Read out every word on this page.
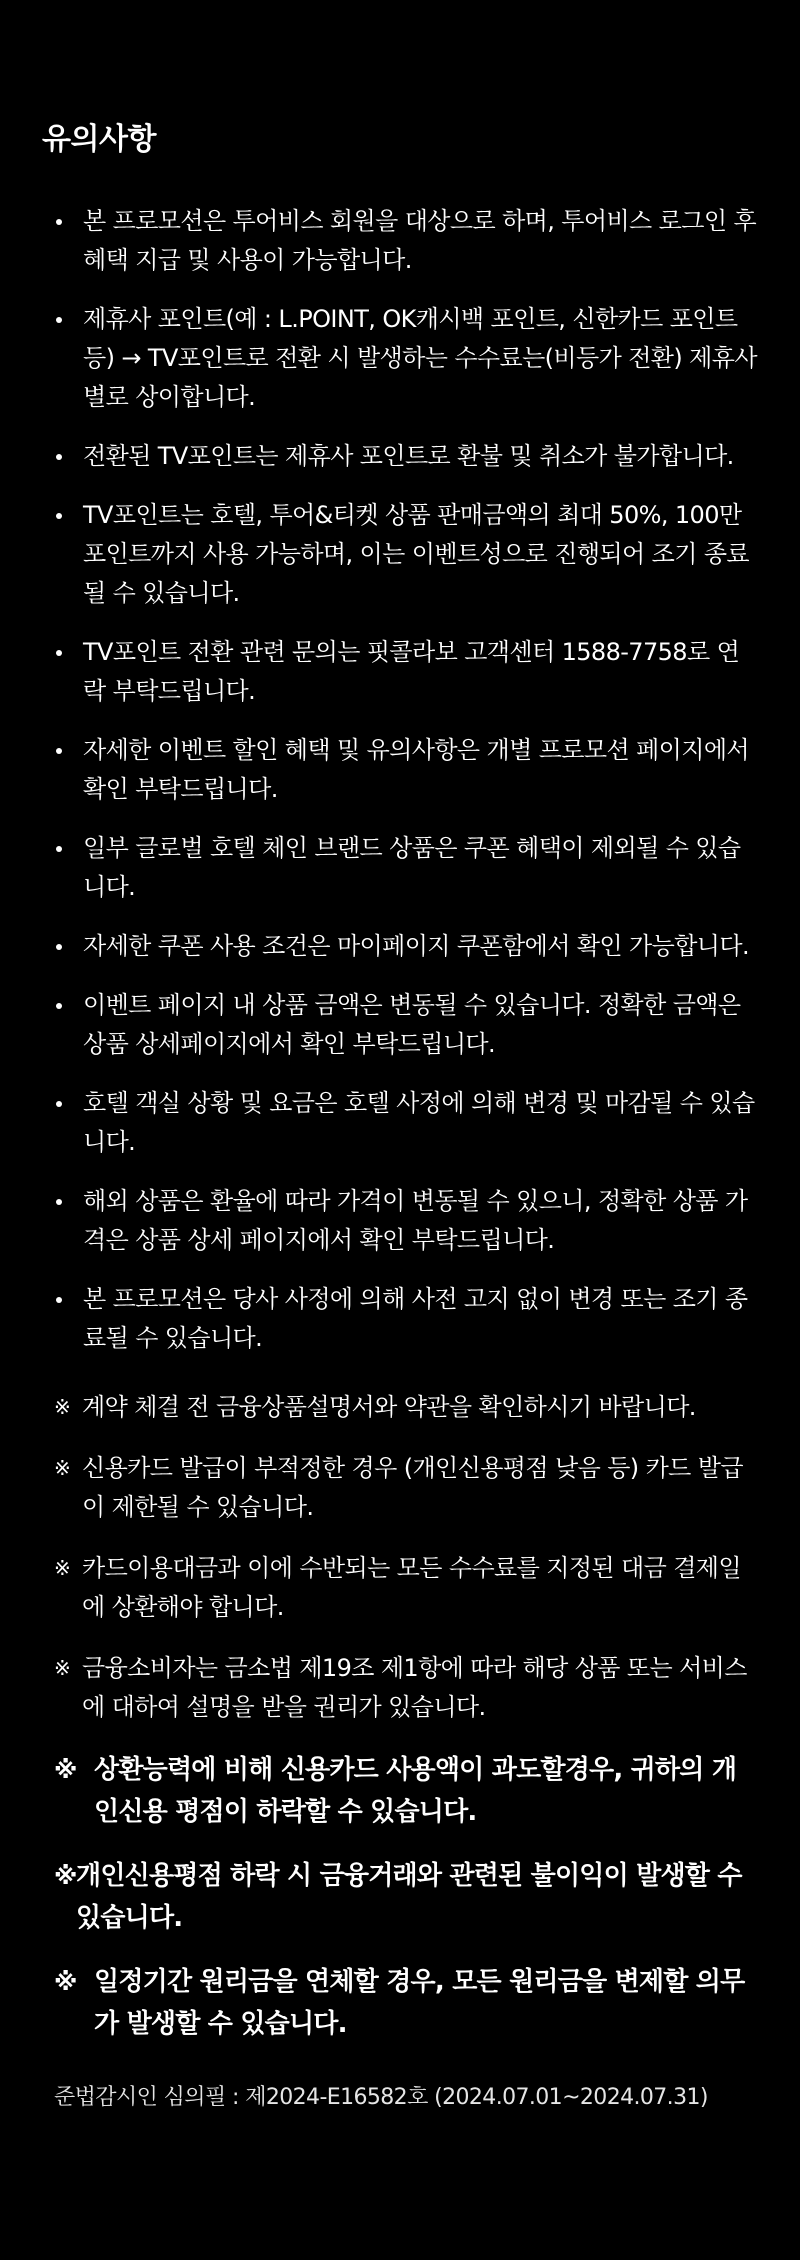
유의사항
본 프로모션은 투어비스 회원을 대상으로 하며, 투어비스 로그인 후 혜택 지급 및 사용이 가능합니다.
제휴사 포인트(예 : L.POINT, OK캐시백 포인트, 신한카드 포인트 등) → TV포인트로 전환 시 발생하는 수수료는(비등가 전환) 제휴사 별로 상이합니다.
전환된 TV포인트는 제휴사 포인트로 환불 및 취소가 불가합니다.
TV포인트는 호텔, 투어&티켓 상품 판매금액의 최대 50%, 100만 포인트까지 사용 가능하며, 이는 이벤트성으로 진행되어 조기 종료될 수 있습니다.
TV포인트 전환 관련 문의는 핏콜라보 고객센터 1588-7758로 연락 부탁드립니다.
자세한 이벤트 할인 혜택 및 유의사항은 개별 프로모션 페이지에서 확인 부탁드립니다.
일부 글로벌 호텔 체인 브랜드 상품은 쿠폰 혜택이 제외될 수 있습니다.
자세한 쿠폰 사용 조건은 마이페이지 쿠폰함에서 확인 가능합니다.
이벤트 페이지 내 상품 금액은 변동될 수 있습니다. 정확한 금액은 상품 상세페이지에서 확인 부탁드립니다.
호텔 객실 상황 및 요금은 호텔 사정에 의해 변경 및 마감될 수 있습니다.
해외 상품은 환율에 따라 가격이 변동될 수 있으니, 정확한 상품 가격은 상품 상세 페이지에서 확인 부탁드립니다.
본 프로모션은 당사 사정에 의해 사전 고지 없이 변경 또는 조기 종료될 수 있습니다.
※ 계약 체결 전 금융상품설명서와 약관을 확인하시기 바랍니다.
※ 신용카드 발급이 부적정한 경우 (개인신용평점 낮음 등) 카드 발급이 제한될 수 있습니다.
※ 카드이용대금과 이에 수반되는 모든 수수료를 지정된 대금 결제일에 상환해야 합니다.
※ 금융소비자는 금소법 제19조 제1항에 따라 해당 상품 또는 서비스에 대하여 설명을 받을 권리가 있습니다.
※ 상환능력에 비해 신용카드 사용액이 과도할경우, 귀하의 개인신용 평점이 하락할 수 있습니다.
※ 개인신용평점 하락 시 금융거래와 관련된 불이익이 발생할 수 있습니다.
※ 일정기간 원리금을 연체할 경우, 모든 원리금을 변제할 의무가 발생할 수 있습니다.
준법감시인 심의필 : 제2024-E16582호 (2024.07.01~2024.07.31)
